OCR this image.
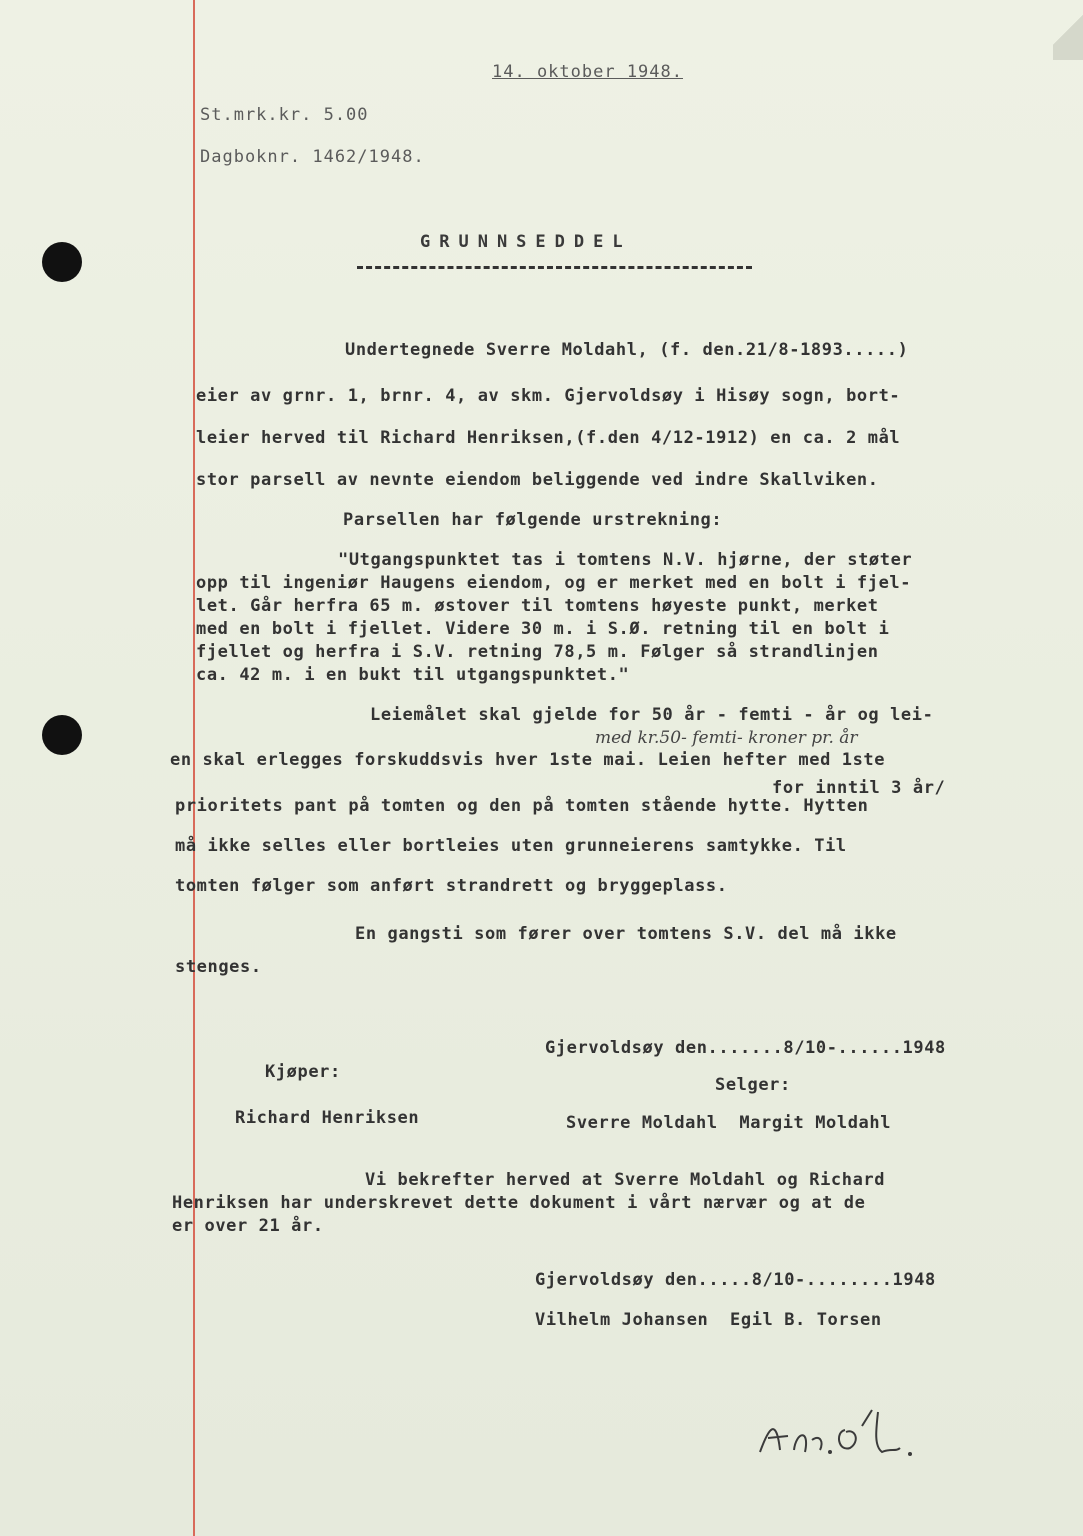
14. oktober 1948.
St.mrk.kr. 5.00
Dagboknr. 1462/1948.
GRUNNSEDDEL
Undertegnede Sverre Moldahl, (f. den.21/8-1893.....)
eier av grnr. 1, brnr. 4, av skm. Gjervoldsøy i Hisøy sogn, bort-
leier herved til Richard Henriksen,(f.den 4/12-1912) en ca. 2 mål
stor parsell av nevnte eiendom beliggende ved indre Skallviken.
Parsellen har følgende urstrekning:
"Utgangspunktet tas i tomtens N.V. hjørne, der støter
opp til ingeniør Haugens eiendom, og er merket med en bolt i fjel-
let. Går herfra 65 m. østover til tomtens høyeste punkt, merket
med en bolt i fjellet. Videre 30 m. i S.Ø. retning til en bolt i
fjellet og herfra i S.V. retning 78,5 m. Følger så strandlinjen
ca. 42 m. i en bukt til utgangspunktet."
Leiemålet skal gjelde for 50 år - femti - år og lei-
med kr.50- femti- kroner pr. år
en skal erlegges forskuddsvis hver 1ste mai. Leien hefter med 1ste
for inntil 3 år/
prioritets pant på tomten og den på tomten stående hytte. Hytten
må ikke selles eller bortleies uten grunneierens samtykke. Til
tomten følger som anført strandrett og bryggeplass.
En gangsti som fører over tomtens S.V. del må ikke
stenges.
Gjervoldsøy den.......8/10-......1948
Kjøper:
Selger:
Richard Henriksen	Sverre Moldahl  Margit Moldahl
Vi bekrefter herved at Sverre Moldahl og Richard
Henriksen har underskrevet dette dokument i vårt nærvær og at de
er over 21 år.
Gjervoldsøy den.....8/10-........1948
Vilhelm Johansen  Egil B. Torsen
